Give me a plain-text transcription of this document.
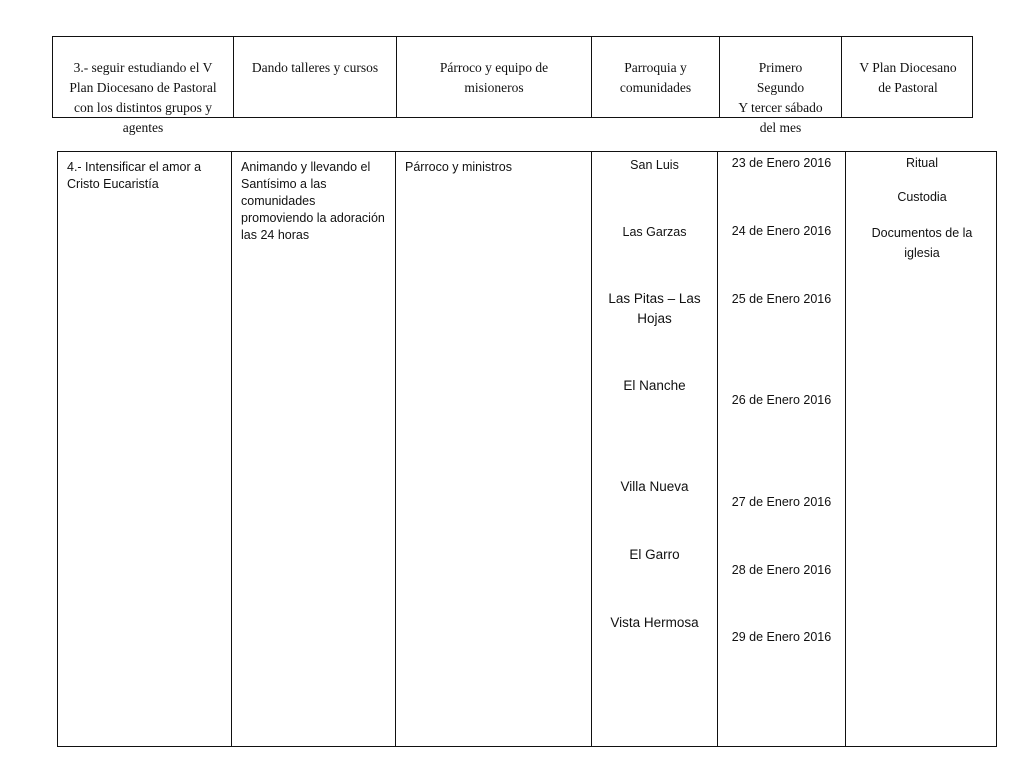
3.- seguir estudiando el V
Plan Diocesano de Pastoral
con los distintos grupos y
agentes

Dando talleres y cursos	Párroco y equipo de
misioneros

Parroquia y
comunidades

Primero
Segundo
Y tercer sábado
del mes

V Plan Diocesano
de Pastoral

4.- Intensificar el amor a Cristo Eucaristía
Animando y llevando el Santísimo a las comunidades promoviendo la adoración las 24 horas
Párroco y ministros	San Luis
Las Garzas
Las Pitas – Las Hojas
El Nanche
Villa Nueva
El Garro
Vista Hermosa
23 de Enero 2016
24 de Enero 2016
25 de Enero 2016
26 de Enero 2016
27 de Enero 2016
28 de Enero 2016
29 de Enero 2016
Ritual
Custodia
Documentos de la iglesia
